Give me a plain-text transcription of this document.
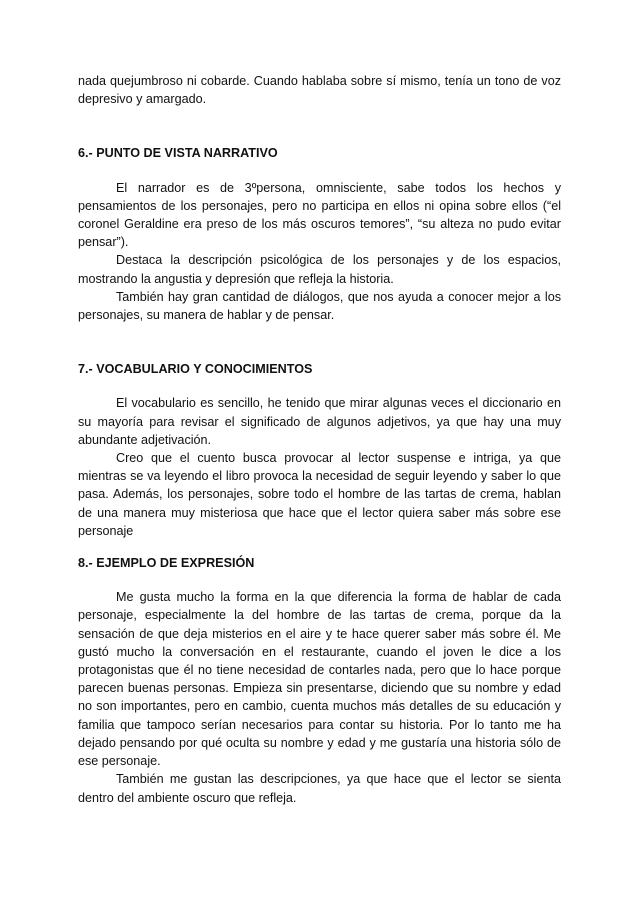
nada quejumbroso ni cobarde. Cuando hablaba sobre sí mismo, tenía un tono de voz depresivo y amargado.

6.- PUNTO DE VISTA NARRATIVO

El narrador es de 3ºpersona, omnisciente, sabe todos los hechos y pensamientos de los personajes, pero no participa en ellos ni opina sobre ellos (“el coronel Geraldine era preso de los más oscuros temores”, “su alteza no pudo evitar pensar”).

Destaca la descripción psicológica de los personajes y de los espacios, mostrando la angustia y depresión que refleja la historia.

También hay gran cantidad de diálogos, que nos ayuda a conocer mejor a los personajes, su manera de hablar y de pensar.

7.- VOCABULARIO Y CONOCIMIENTOS

El vocabulario es sencillo, he tenido que mirar algunas veces el diccionario en su mayoría para revisar el significado de algunos adjetivos, ya que hay una muy abundante adjetivación.

Creo que el cuento busca provocar al lector suspense e intriga, ya que mientras se va leyendo el libro provoca la necesidad de seguir leyendo y saber lo que pasa. Además, los personajes, sobre todo el hombre de las tartas de crema, hablan de una manera muy misteriosa que hace que el lector quiera saber más sobre ese personaje

8.- EJEMPLO DE EXPRESIÓN

Me gusta mucho la forma en la que diferencia la forma de hablar de cada personaje, especialmente la del hombre de las tartas de crema, porque da la sensación de que deja misterios en el aire y te hace querer saber más sobre él. Me gustó mucho la conversación en el restaurante, cuando el joven le dice a los protagonistas que él no tiene necesidad de contarles nada, pero que lo hace porque parecen buenas personas. Empieza sin presentarse, diciendo que su nombre y edad no son importantes, pero en cambio, cuenta muchos más detalles de su educación y familia que tampoco serían necesarios para contar su historia. Por lo tanto me ha dejado pensando por qué oculta su nombre y edad y me gustaría una historia sólo de ese personaje.

También me gustan las descripciones, ya que hace que el lector se sienta dentro del ambiente oscuro que refleja.
